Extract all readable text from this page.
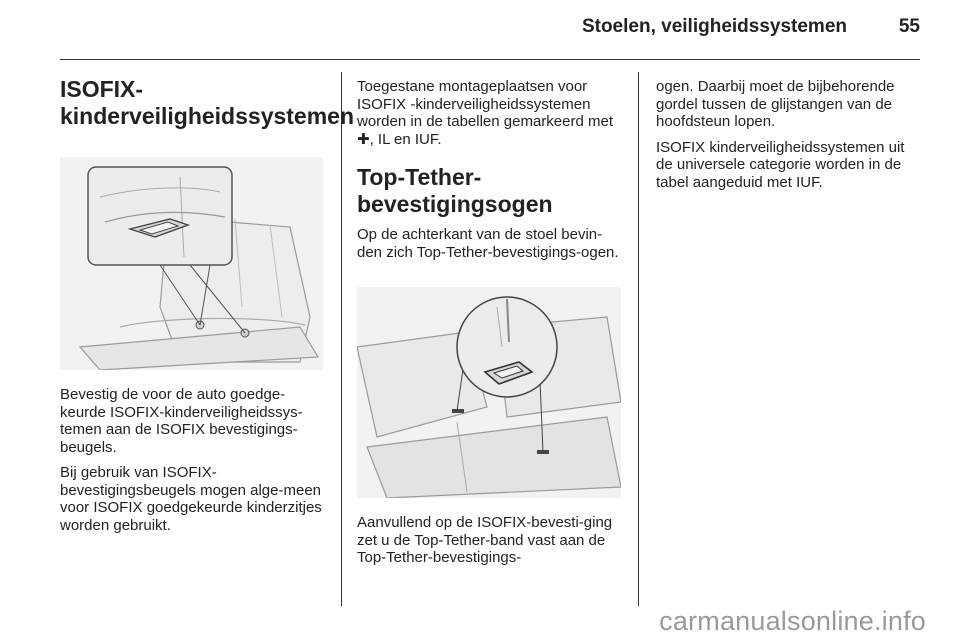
Stoelen, veiligheidssystemen	55
ISOFIX-
kinderveiligheidssystemen

Bevestig de voor de auto goedge-keurde ISOFIX-kinderveiligheidssys-temen aan de ISOFIX bevestigings-beugels.

Bij gebruik van ISOFIX-bevestigingsbeugels mogen alge-meen voor ISOFIX goedgekeurde kinderzitjes worden gebruikt.

Toegestane montageplaatsen voor ISOFIX -kinderveiligheidssystemen worden in de tabellen gemarkeerd met ✚, IL en IUF.

Top-Tether-
bevestigingsogen

Op de achterkant van de stoel bevin-den zich Top-Tether-bevestigings-ogen.

Aanvullend op de ISOFIX-bevesti-ging zet u de Top-Tether-band vast aan de Top-Tether-bevestigings-

ogen. Daarbij moet de bijbehorende gordel tussen de glijstangen van de hoofdsteun lopen.

ISOFIX kinderveiligheidssystemen uit de universele categorie worden in de tabel aangeduid met IUF.

carmanualsonline.info
